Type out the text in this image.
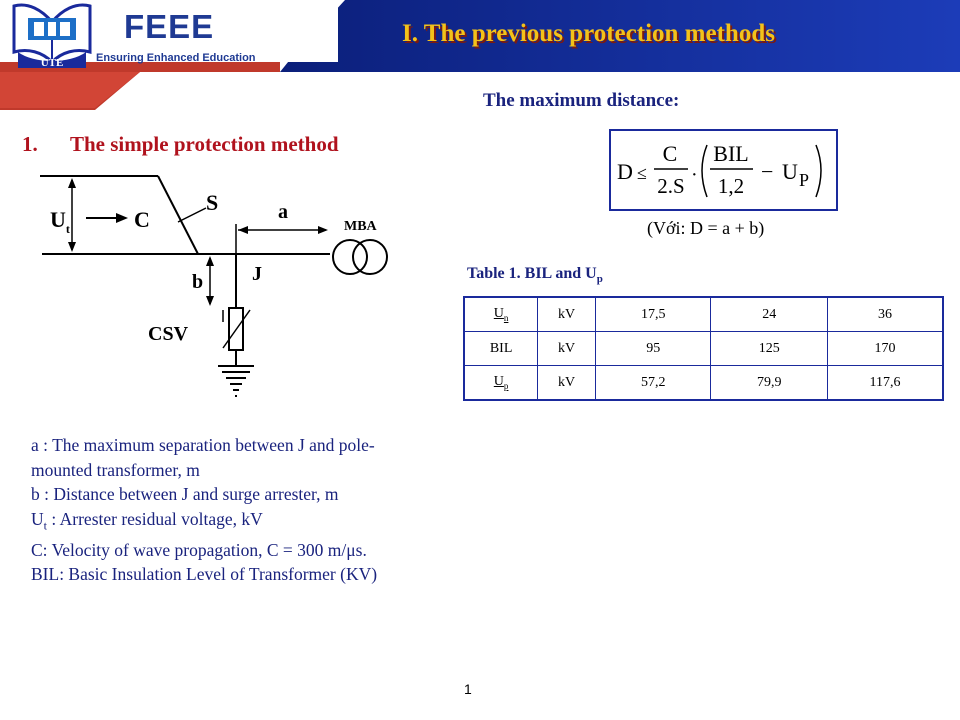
UTE
FEEE
Ensuring Enhanced Education
I. The previous protection methods
The maximum distance:
1. The simple protection method
$U_t$	C
S	a
MBA
J
b
CSV
D ≤
C
2.S ·
BIL
1,2
− U P
(Với: D = a + b)
Table 1. BIL and $U_p$
$U_n$	kV	17,5	24	36
BIL	kV	95	125	170
$U_p$	kV	57,2	79,9	117,6
a : The maximum separation between J and pole-
mounted transformer, m
b : Distance between J and surge arrester, m
$U_t$ : Arrester residual voltage, kV
C: Velocity of wave propagation, C = 300 m/μs.
BIL: Basic Insulation Level of Transformer (KV)
1
